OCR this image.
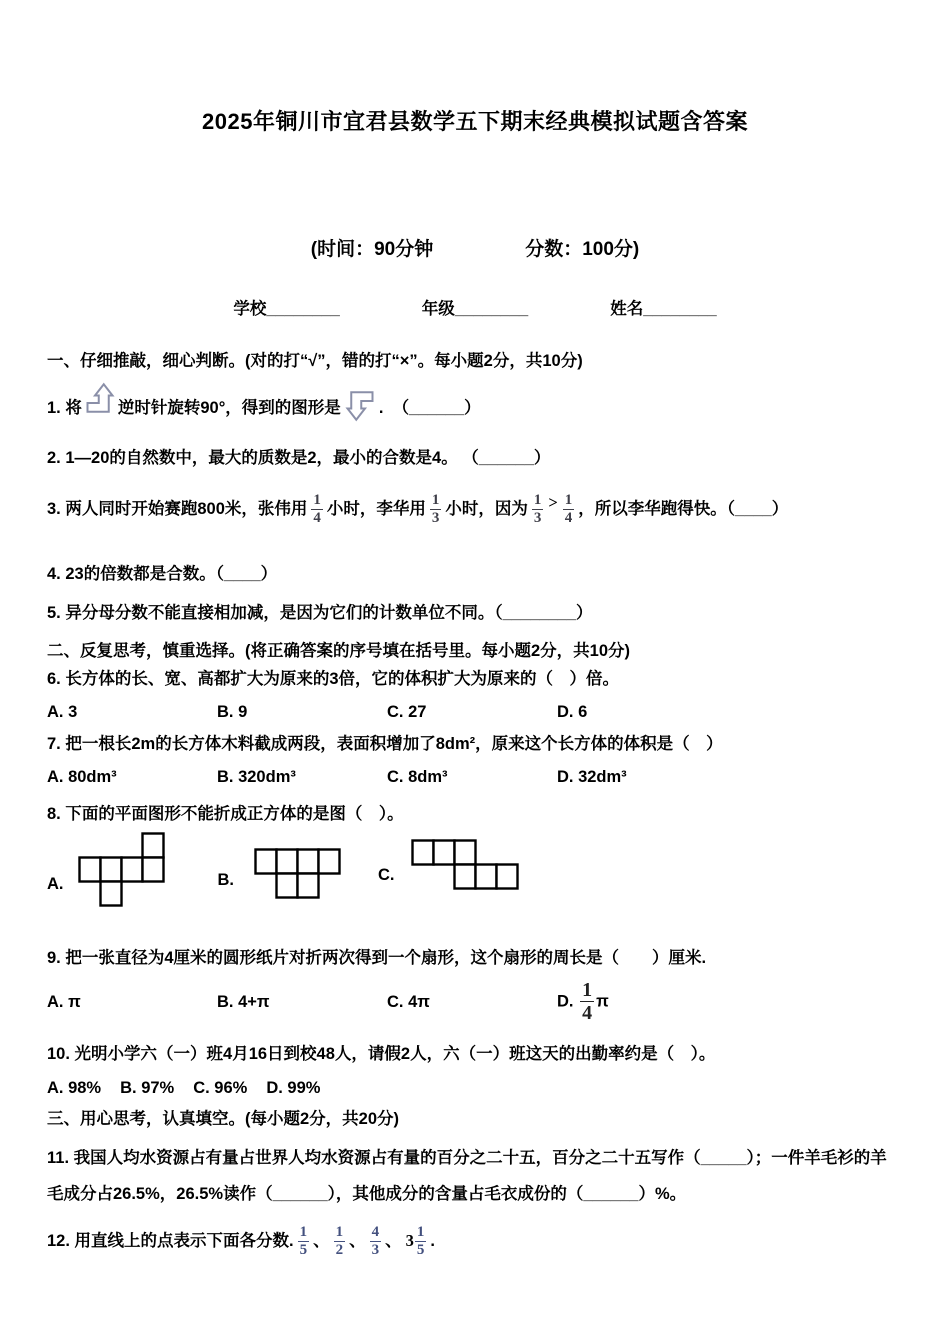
2025年铜川市宜君县数学五下期末经典模拟试题含答案
(时间：90分钟	分数：100分)
学校________	年级________	姓名________
一、仔细推敲，细心判断。(对的打“√”，错的打“×”。每小题2分，共10分)
1. 将 逆时针旋转90°，得到的图形是 .  （______）
2. 1—20的自然数中，最大的质数是2，最小的合数是4。 （______）
3. 两人同时开始赛跑800米，张伟用 $\frac{1}{4}$ 小时，李华用 $\frac{1}{3}$ 小时，因为 $\frac{1}{3} > \frac{1}{4}$ ，所以李华跑得快。（____）
4. 23的倍数都是合数。（____）
5. 异分母分数不能直接相加减，是因为它们的计数单位不同。（________）
二、反复思考，慎重选择。(将正确答案的序号填在括号里。每小题2分，共10分)
6. 长方体的长、宽、高都扩大为原来的3倍，它的体积扩大为原来的（　）倍。
A. 3	B. 9	C. 27	D. 6
7. 把一根长2m的长方体木料截成两段，表面积增加了8dm²，原来这个长方体的体积是（　）
A. 80dm³	B. 320dm³	C. 8dm³	D. 32dm³
8. 下面的平面图形不能折成正方体的是图（　）。
A.	B.	C.
9. 把一张直径为4厘米的圆形纸片对折两次得到一个扇形，这个扇形的周长是（　　）厘米.
A. π	B. 4+π	C. 4π	D. $\frac{1}{4}$ π
10. 光明小学六（一）班4月16日到校48人，请假2人，六（一）班这天的出勤率约是（　）。
A. 98% B. 97% C. 96% D. 99%
三、用心思考，认真填空。(每小题2分，共20分)
11. 我国人均水资源占有量占世界人均水资源占有量的百分之二十五，百分之二十五写作（_____）；一件羊毛衫的羊毛成分占26.5%，26.5%读作（______），其他成分的含量占毛衣成份的（______）%。
12. 用直线上的点表示下面各分数. $\frac{1}{5}$ 、 $\frac{1}{2}$ 、 $\frac{4}{3}$ 、 $3 \frac{1}{5}$ .
